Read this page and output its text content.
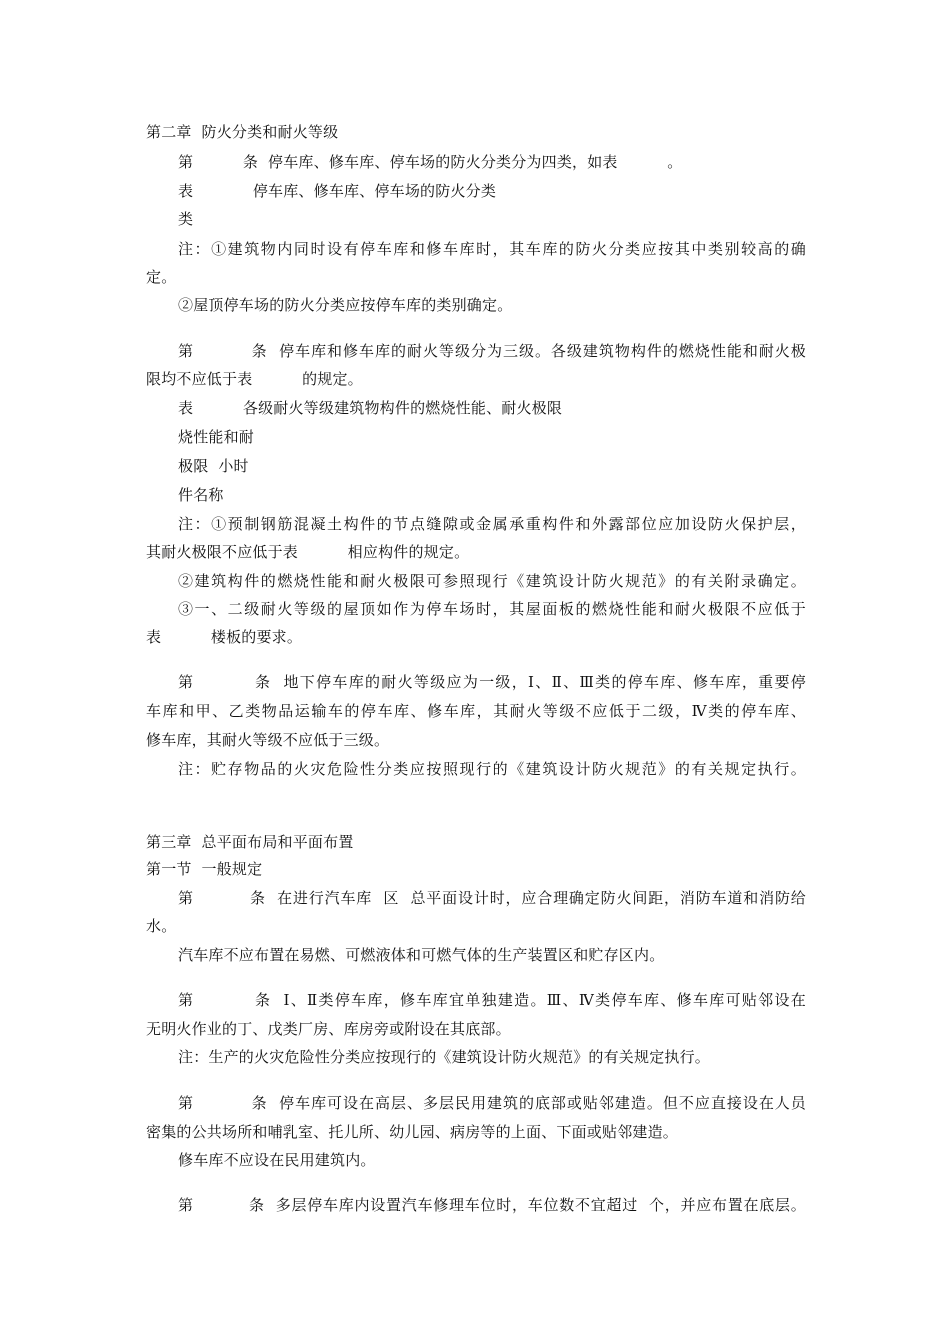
第二章  防火分类和耐火等级
第          条  停车库、修车库、停车场的防火分类分为四类，如表          。
表            停车库、修车库、停车场的防火分类
类
注：①建筑物内同时设有停车库和修车库时，其车库的防火分类应按其中类别较高的确
定。
②屋顶停车场的防火分类应按停车库的类别确定。
第          条  停车库和修车库的耐火等级分为三级。各级建筑物构件的燃烧性能和耐火极
限均不应低于表          的规定。
表          各级耐火等级建筑物构件的燃烧性能、耐火极限
烧性能和耐
极限  小时
件名称
注：①预制钢筋混凝土构件的节点缝隙或金属承重构件和外露部位应加设防火保护层，
其耐火极限不应低于表          相应构件的规定。
②建筑构件的燃烧性能和耐火极限可参照现行《建筑设计防火规范》的有关附录确定。
③一、二级耐火等级的屋顶如作为停车场时，其屋面板的燃烧性能和耐火极限不应低于
表          楼板的要求。
第          条  地下停车库的耐火等级应为一级，Ⅰ、Ⅱ、Ⅲ类的停车库、修车库，重要停
车库和甲、乙类物品运输车的停车库、修车库，其耐火等级不应低于二级，Ⅳ类的停车库、
修车库，其耐火等级不应低于三级。
注：贮存物品的火灾危险性分类应按照现行的《建筑设计防火规范》的有关规定执行。
第三章  总平面布局和平面布置
第一节  一般规定
第          条  在进行汽车库  区  总平面设计时，应合理确定防火间距，消防车道和消防给
水。
汽车库不应布置在易燃、可燃液体和可燃气体的生产装置区和贮存区内。
第          条  Ⅰ、Ⅱ类停车库，修车库宜单独建造。Ⅲ、Ⅳ类停车库、修车库可贴邻设在
无明火作业的丁、戊类厂房、库房旁或附设在其底部。
注：生产的火灾危险性分类应按现行的《建筑设计防火规范》的有关规定执行。
第          条  停车库可设在高层、多层民用建筑的底部或贴邻建造。但不应直接设在人员
密集的公共场所和哺乳室、托儿所、幼儿园、病房等的上面、下面或贴邻建造。
修车库不应设在民用建筑内。
第          条  多层停车库内设置汽车修理车位时，车位数不宜超过  个，并应布置在底层。
